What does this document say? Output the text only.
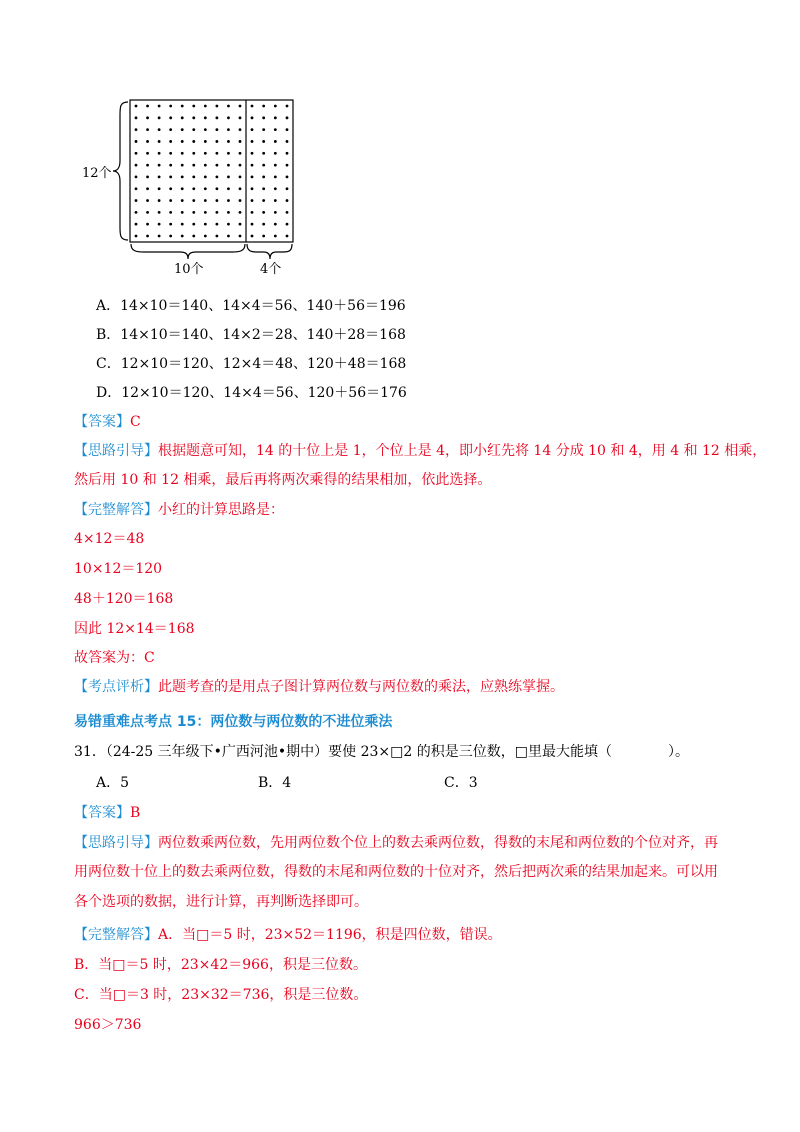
12个
10个	4个
A．14×10＝140、14×4＝56、140＋56＝196
B．14×10＝140、14×2＝28、140＋28＝168
C．12×10＝120、12×4＝48、120＋48＝168
D．12×10＝120、14×4＝56、120＋56＝176
【答案】C
【思路引导】根据题意可知，14 的十位上是 1，个位上是 4，即小红先将 14 分成 10 和 4，用 4 和 12 相乘，
然后用 10 和 12 相乘，最后再将两次乘得的结果相加，依此选择。
【完整解答】小红的计算思路是：
4×12＝48
10×12＝120
48＋120＝168
因此 12×14＝168
故答案为：C
【考点评析】此题考查的是用点子图计算两位数与两位数的乘法，应熟练掌握。
易错重难点考点 15：两位数与两位数的不进位乘法
31．（24-25 三年级下•广西河池•期中）要使 23×□2 的积是三位数，□里最大能填（　　　　）。
A．5	B．4	C．3
【答案】B
【思路引导】两位数乘两位数，先用两位数个位上的数去乘两位数，得数的末尾和两位数的个位对齐，再
用两位数十位上的数去乘两位数，得数的末尾和两位数的十位对齐，然后把两次乘的结果加起来。可以用
各个选项的数据，进行计算，再判断选择即可。
【完整解答】A．当□＝5 时，23×52＝1196，积是四位数，错误。
B．当□＝5 时，23×42＝966，积是三位数。
C．当□＝3 时，23×32＝736，积是三位数。
966＞736
